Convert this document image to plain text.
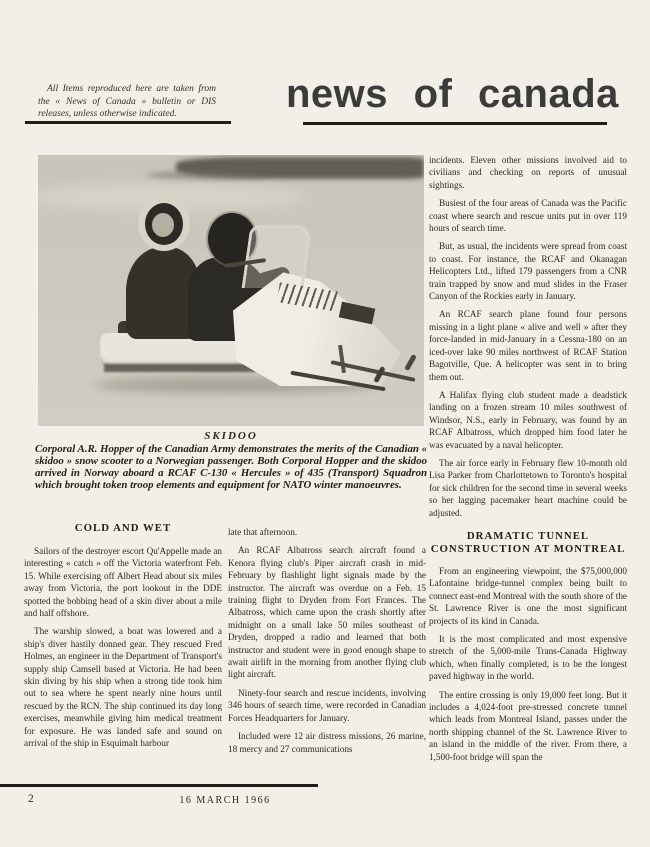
All Items reproduced here are taken from the « News of Canada » bulletin or DIS releases, unless otherwise indicated.	news of canada
SKIDOO
Corporal A.R. Hopper of the Canadian Army demonstrates the merits of the Canadian « skidoo » snow scooter to a Norwegian passenger. Both Corporal Hopper and the skidoo arrived in Norway aboard a RCAF C-130 « Hercules » of 435 (Transport) Squadron which brought token troop elements and equipment for NATO winter manoeuvres.
COLD AND WET

Sailors of the destroyer escort Qu'Appelle made an interesting « catch » off the Victoria waterfront Feb. 15. While exercising off Albert Head about six miles away from Victoria, the port lookout in the DDE spotted the bobbing head of a skin diver about a mile and half offshore.

The warship slowed, a boat was lowered and a ship's diver hastily donned gear. They rescued Fred Holmes, an engineer in the Department of Transport's supply ship Camsell based at Victoria. He had been skin diving by his ship when a strong tide took him out to sea where he spent nearly nine hours until rescued by the RCN. The ship continued its day long exercises, meanwhile giving him medical treatment for exposure. He was landed safe and sound on arrival of the ship in Esquimalt harbour

late that afternoon.

An RCAF Albatross search aircraft found a Kenora flying club's Piper aircraft crash in mid-February by flashlight light signals made by the instructor. The aircraft was overdue on a Feb. 15 training flight to Dryden from Fort Frances. The Albatross, which came upon the crash shortly after midnight on a small lake 50 miles southeast of Dryden, dropped a radio and learned that both instructor and student were in good enough shape to await airlift in the morning from another flying club light aircraft.

Ninety-four search and rescue incidents, involving 346 hours of search time, were recorded in Canadian Forces Headquarters for January.

Included were 12 air distress missions, 26 marine, 18 mercy and 27 communications

incidents. Eleven other missions involved aid to civilians and checking on reports of unusual sightings.

Busiest of the four areas of Canada was the Pacific coast where search and rescue units put in over 119 hours of search time.

But, as usual, the incidents were spread from coast to coast. For instance, the RCAF and Okanagan Helicopters Ltd., lifted 179 passengers from a CNR train trapped by snow and mud slides in the Fraser Canyon of the Rockies early in January.

An RCAF search plane found four persons missing in a light plane « alive and well » after they force-landed in mid-January in a Cessna-180 on an iced-over lake 90 miles northwest of RCAF Station Bagotville, Que. A helicopter was sent in to bring them out.

A Halifax flying club student made a deadstick landing on a frozen stream 10 miles southwest of Windsor, N.S., early in February, was found by an RCAF Albatross, which dropped him food later he was evacuated by a naval helicopter.

The air force early in February flew 10-month old Lisa Parker from Charlottetown to Toronto's hospital for sick children for the second time in several weeks so her lagging pacemaker heart machine could be adjusted.

DRAMATIC TUNNEL
CONSTRUCTION AT MONTREAL

From an engineering viewpoint, the $75,000,000 Lafontaine bridge-tunnel complex being built to connect east-end Montreal with the south shore of the St. Lawrence River is one the most significant projects of its kind in Canada.

It is the most complicated and most expensive stretch of the 5,000-mile Trans-Canada Highway which, when finally completed, is to be the longest paved highway in the world.

The entire crossing is only 19,000 feet long. But it includes a 4,024-foot pre-stressed concrete tunnel which leads from Montreal Island, passes under the north shipping channel of the St. Lawrence River to an island in the middle of the river. From there, a 1,500-foot bridge will span the

2	16 MARCH 1966
